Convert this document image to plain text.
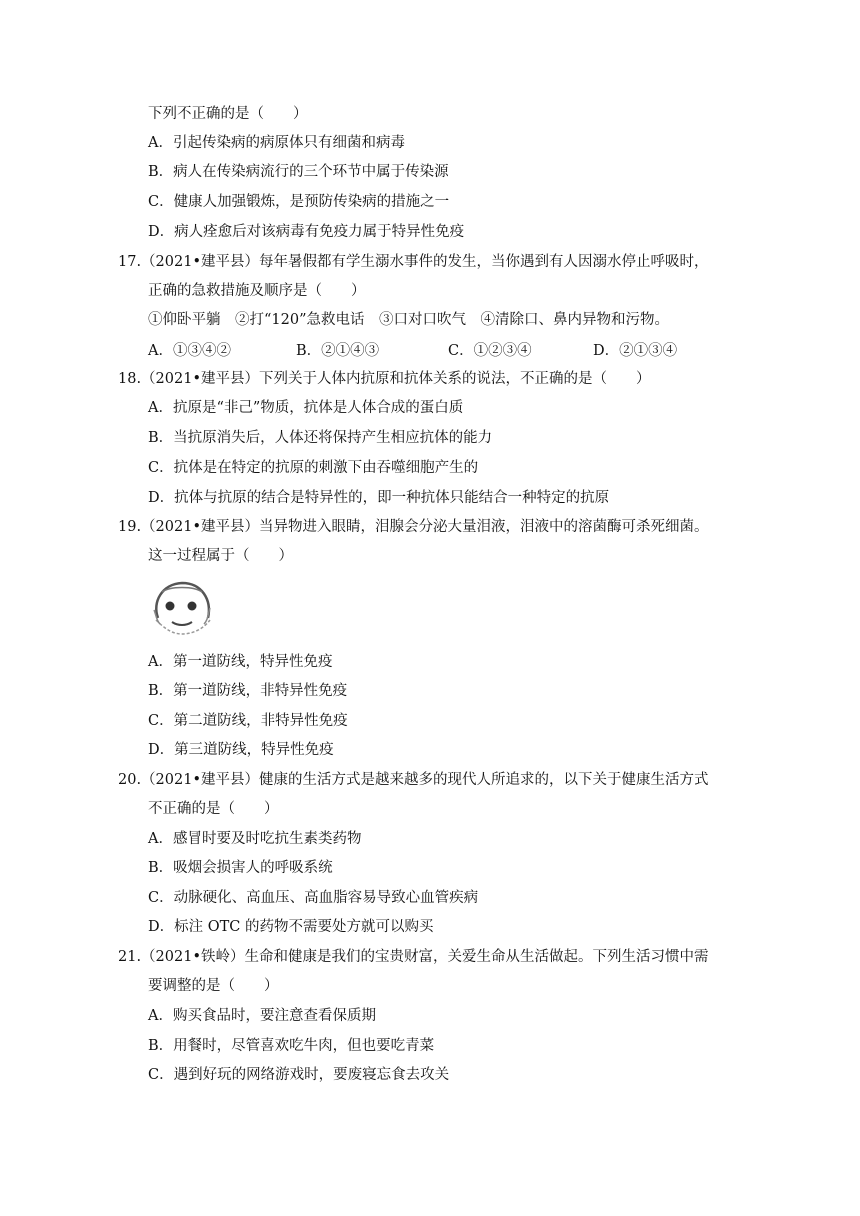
下列不正确的是（　　）
A．引起传染病的病原体只有细菌和病毒
B．病人在传染病流行的三个环节中属于传染源
C．健康人加强锻炼，是预防传染病的措施之一
D．病人痊愈后对该病毒有免疫力属于特异性免疫
17.（2021•建平县）每年暑假都有学生溺水事件的发生，当你遇到有人因溺水停止呼吸时，
正确的急救措施及顺序是（　　）
①仰卧平躺　②打“120”急救电话　③口对口吹气　④清除口、鼻内异物和污物。
A．①③④②	B．②①④③	C．①②③④	D．②①③④
18.（2021•建平县）下列关于人体内抗原和抗体关系的说法，不正确的是（　　）
A．抗原是“非己”物质，抗体是人体合成的蛋白质
B．当抗原消失后，人体还将保持产生相应抗体的能力
C．抗体是在特定的抗原的刺激下由吞噬细胞产生的
D．抗体与抗原的结合是特异性的，即一种抗体只能结合一种特定的抗原
19.（2021•建平县）当异物进入眼睛，泪腺会分泌大量泪液，泪液中的溶菌酶可杀死细菌。
这一过程属于（　　）
A．第一道防线，特异性免疫
B．第一道防线，非特异性免疫
C．第二道防线，非特异性免疫
D．第三道防线，特异性免疫
20.（2021•建平县）健康的生活方式是越来越多的现代人所追求的，以下关于健康生活方式
不正确的是（　　）
A．感冒时要及时吃抗生素类药物
B．吸烟会损害人的呼吸系统
C．动脉硬化、高血压、高血脂容易导致心血管疾病
D．标注 OTC 的药物不需要处方就可以购买
21.（2021•铁岭）生命和健康是我们的宝贵财富，关爱生命从生活做起。下列生活习惯中需
要调整的是（　　）
A．购买食品时，要注意查看保质期
B．用餐时，尽管喜欢吃牛肉，但也要吃青菜
C．遇到好玩的网络游戏时，要废寝忘食去攻关
